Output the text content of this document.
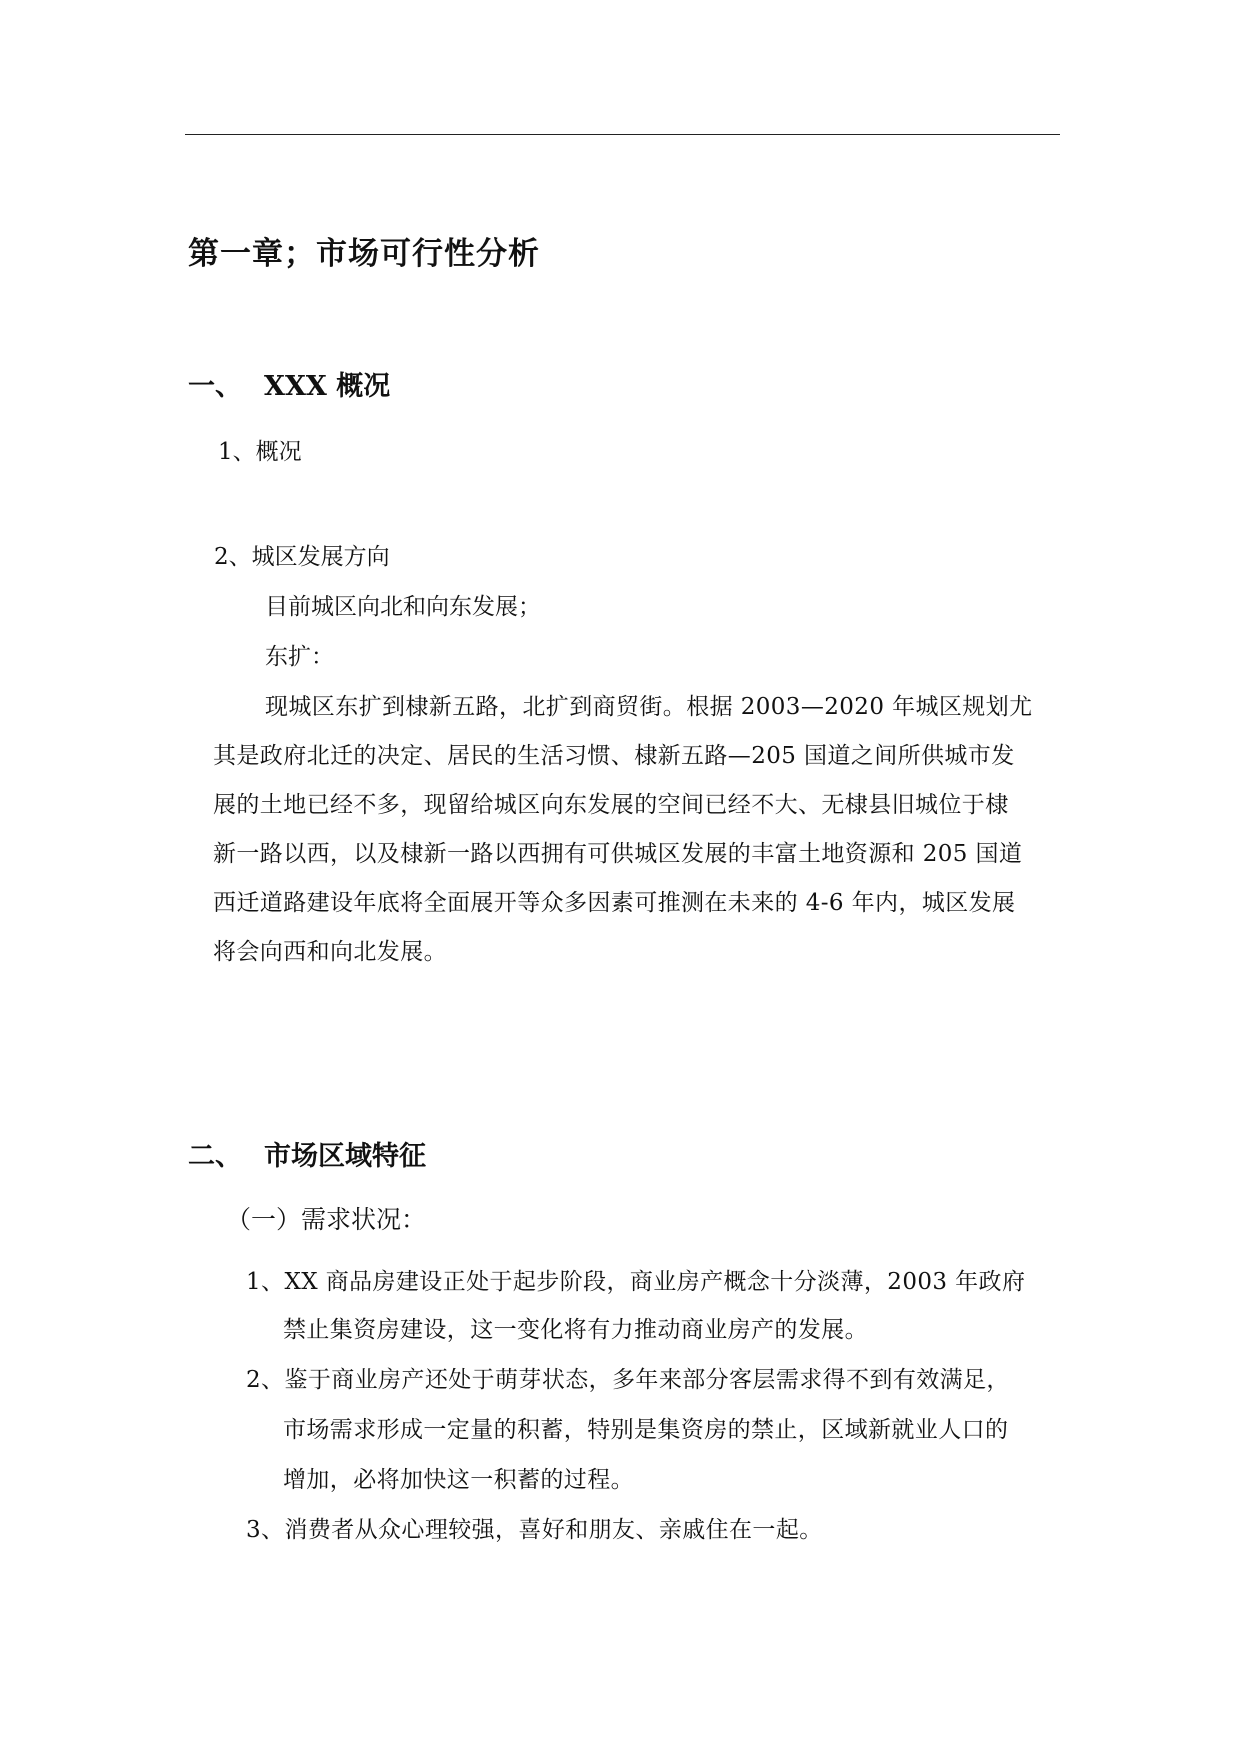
第一章；市场可行性分析
一、 XXX 概况
1、概况
2、城区发展方向
目前城区向北和向东发展；
东扩：
现城区东扩到棣新五路，北扩到商贸街。根据 2003—2020 年城区规划尤
其是政府北迁的决定、居民的生活习惯、棣新五路—205 国道之间所供城市发
展的土地已经不多，现留给城区向东发展的空间已经不大、无棣县旧城位于棣
新一路以西，以及棣新一路以西拥有可供城区发展的丰富土地资源和 205 国道
西迁道路建设年底将全面展开等众多因素可推测在未来的 4-6 年内，城区发展
将会向西和向北发展。
二、 市场区域特征
（一）需求状况：
1、XX 商品房建设正处于起步阶段，商业房产概念十分淡薄，2003 年政府
禁止集资房建设，这一变化将有力推动商业房产的发展。
2、鉴于商业房产还处于萌芽状态，多年来部分客层需求得不到有效满足，
市场需求形成一定量的积蓄，特别是集资房的禁止，区域新就业人口的
增加，必将加快这一积蓄的过程。
3、消费者从众心理较强，喜好和朋友、亲戚住在一起。
